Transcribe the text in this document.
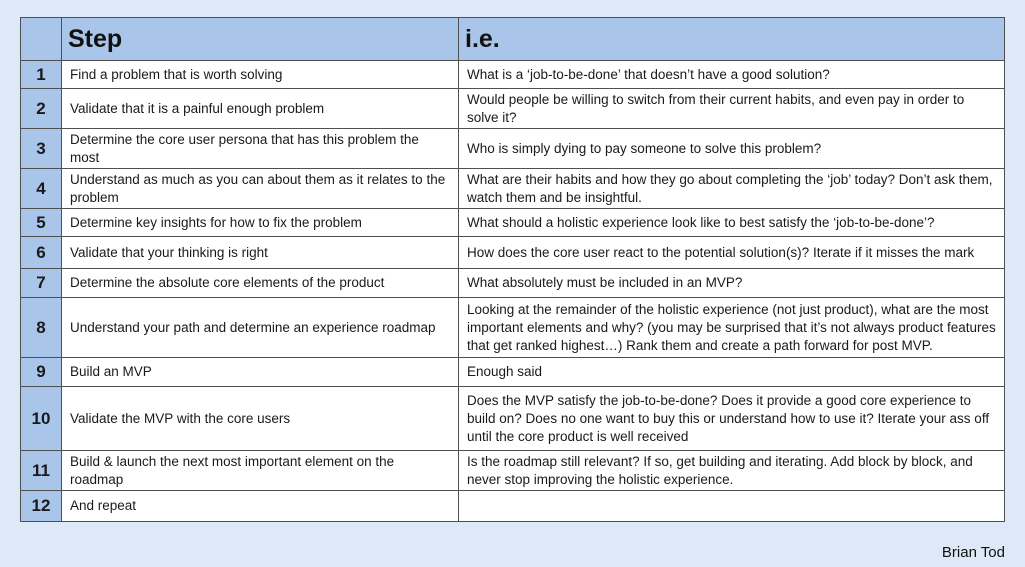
	Step	i.e.
1	Find a problem that is worth solving	What is a ‘job-to-be-done’ that doesn’t have a good solution?
2	Validate that it is a painful enough problem	Would people be willing to switch from their current habits, and even pay in order to solve it?
3	Determine the core user persona that has this problem the most	Who is simply dying to pay someone to solve this problem?
4	Understand as much as you can about them as it relates to the problem	What are their habits and how they go about completing the ‘job’ today? Don’t ask them, watch them and be insightful.
5	Determine key insights for how to fix the problem	What should a holistic experience look like to best satisfy the ‘job-to-be-done’?
6	Validate that your thinking is right	How does the core user react to the potential solution(s)? Iterate if it misses the mark
7	Determine the absolute core elements of the product	What absolutely must be included in an MVP?
8	Understand your path and determine an experience roadmap	Looking at the remainder of the holistic experience (not just product), what are the most important elements and why? (you may be surprised that it’s not always product features that get ranked highest…) Rank them and create a path forward for post MVP.
9	Build an MVP	Enough said
10	Validate the MVP with the core users	Does the MVP satisfy the job-to-be-done? Does it provide a good core experience to build on? Does no one want to buy this or understand how to use it? Iterate your ass off until the core product is well received
11	Build & launch the next most important element on the roadmap	Is the roadmap still relevant? If so, get building and iterating. Add block by block, and never stop improving the holistic experience.
12	And repeat	
Brian Tod
